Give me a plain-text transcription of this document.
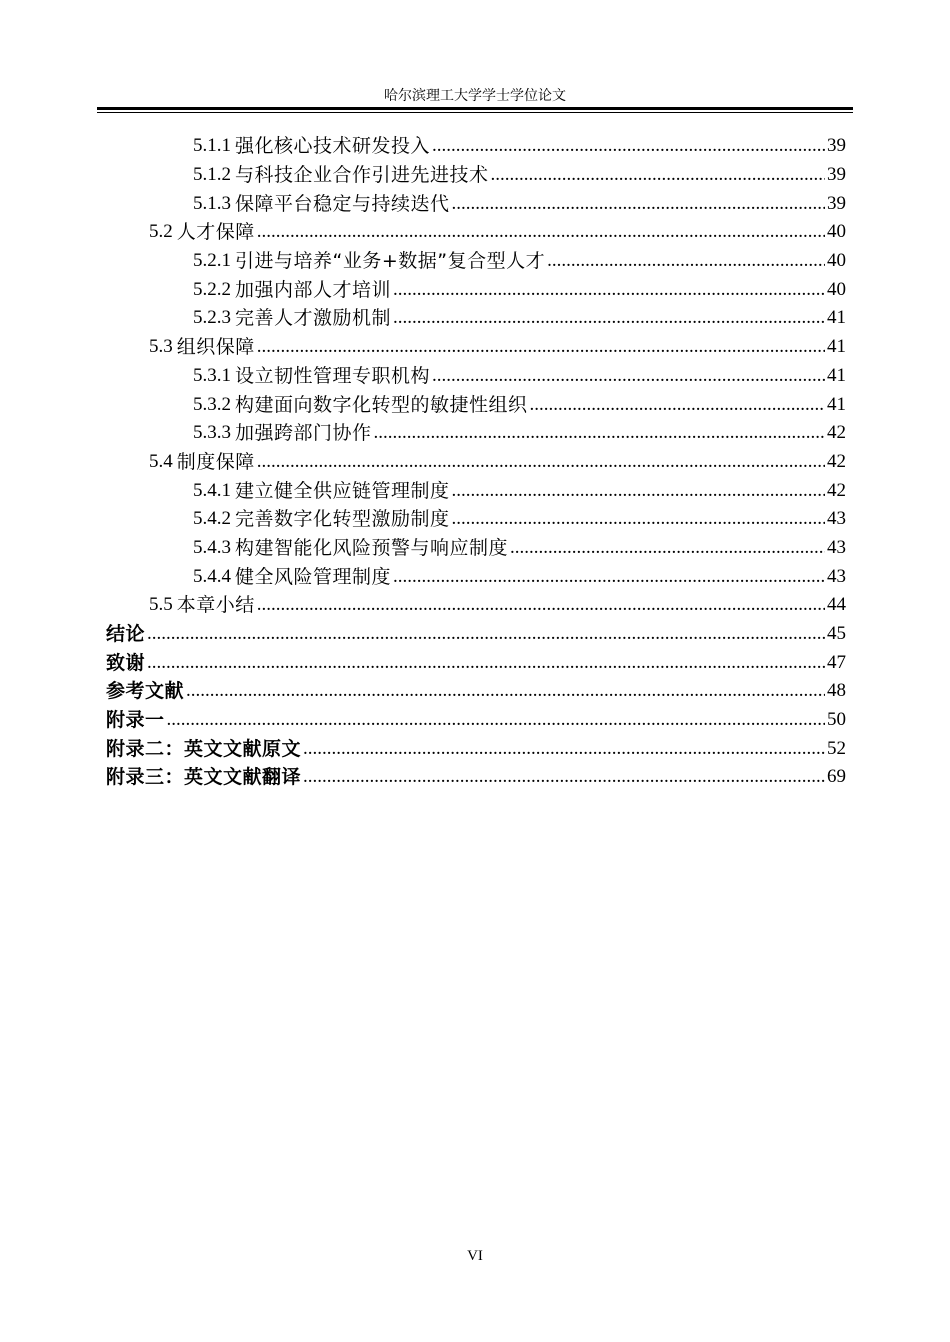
哈尔滨理工大学学士学位论文
5.1.1 强化核心技术研发投入 .....	39
5.1.2 与科技企业合作引进先进技术 .....	39
5.1.3 保障平台稳定与持续迭代 .....	39
5.2 人才保障 .....	40
5.2.1 引进与培养“业务+数据”复合型人才 .....	40
5.2.2 加强内部人才培训 .....	40
5.2.3 完善人才激励机制 .....	41
5.3 组织保障 .....	41
5.3.1 设立韧性管理专职机构 .....	41
5.3.2 构建面向数字化转型的敏捷性组织 .....	41
5.3.3 加强跨部门协作 .....	42
5.4 制度保障 .....	42
5.4.1 建立健全供应链管理制度 .....	42
5.4.2 完善数字化转型激励制度 .....	43
5.4.3 构建智能化风险预警与响应制度 .....	43
5.4.4 健全风险管理制度 .....	43
5.5 本章小结 .....	44
结论 .....	45
致谢 .....	47
参考文献 .....	48
附录一 .....	50
附录二：英文文献原文 .....	52
附录三：英文文献翻译 .....	69
VI
